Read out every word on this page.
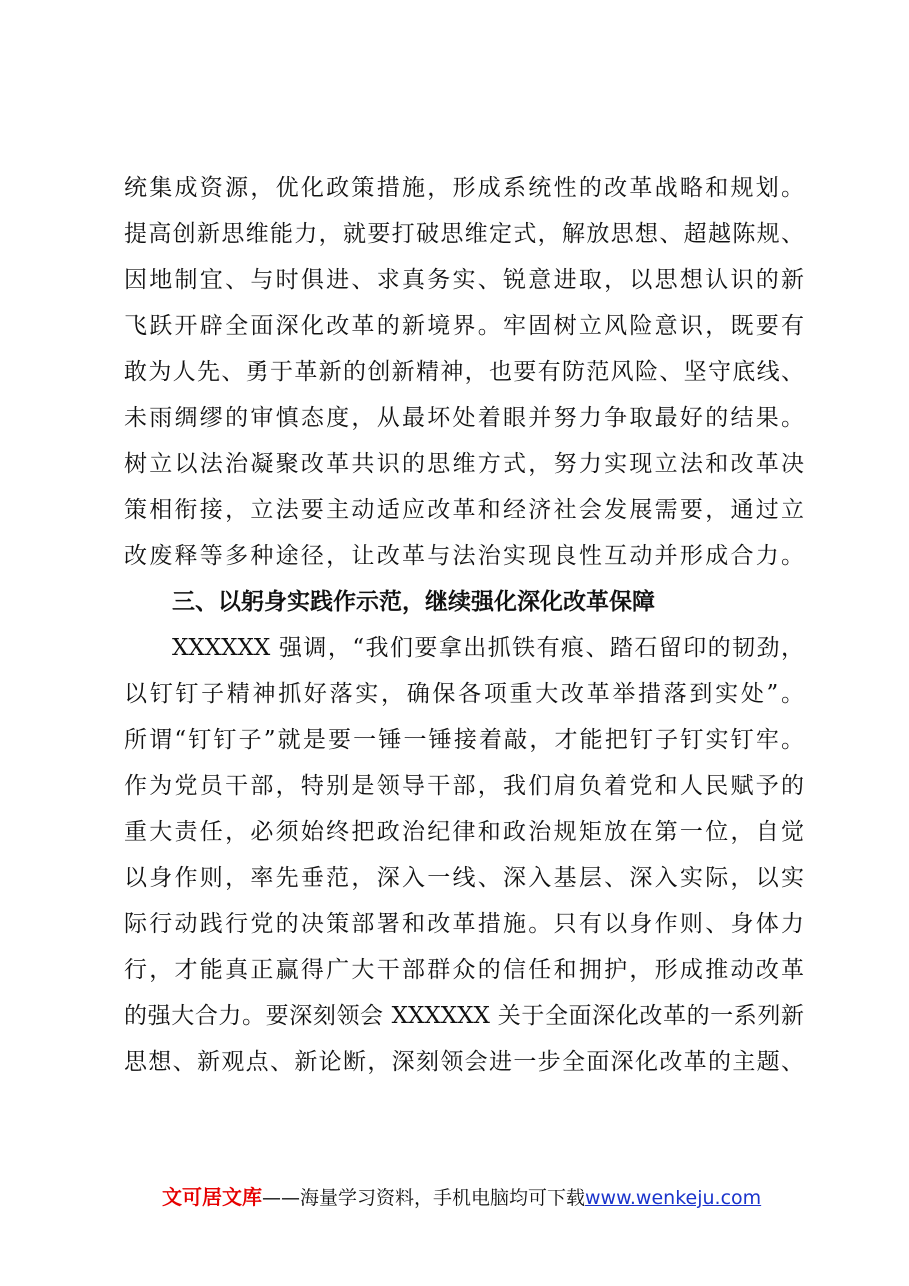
统集成资源，优化政策措施，形成系统性的改革战略和规划。
提高创新思维能力，就要打破思维定式，解放思想、超越陈规、
因地制宜、与时俱进、求真务实、锐意进取，以思想认识的新
飞跃开辟全面深化改革的新境界。牢固树立风险意识，既要有
敢为人先、勇于革新的创新精神，也要有防范风险、坚守底线、
未雨绸缪的审慎态度，从最坏处着眼并努力争取最好的结果。
树立以法治凝聚改革共识的思维方式，努力实现立法和改革决
策相衔接，立法要主动适应改革和经济社会发展需要，通过立
改废释等多种途径，让改革与法治实现良性互动并形成合力。
三、以躬身实践作示范，继续强化深化改革保障
XXXXXX 强调，“我们要拿出抓铁有痕、踏石留印的韧劲，
以钉钉子精神抓好落实，确保各项重大改革举措落到实处”。
所谓“钉钉子”就是要一锤一锤接着敲，才能把钉子钉实钉牢。
作为党员干部，特别是领导干部，我们肩负着党和人民赋予的
重大责任，必须始终把政治纪律和政治规矩放在第一位，自觉
以身作则，率先垂范，深入一线、深入基层、深入实际，以实
际行动践行党的决策部署和改革措施。只有以身作则、身体力
行，才能真正赢得广大干部群众的信任和拥护，形成推动改革
的强大合力。要深刻领会 XXXXXX 关于全面深化改革的一系列新
思想、新观点、新论断，深刻领会进一步全面深化改革的主题、
文可居文库——海量学习资料，手机电脑均可下载www.wenkeju.com
